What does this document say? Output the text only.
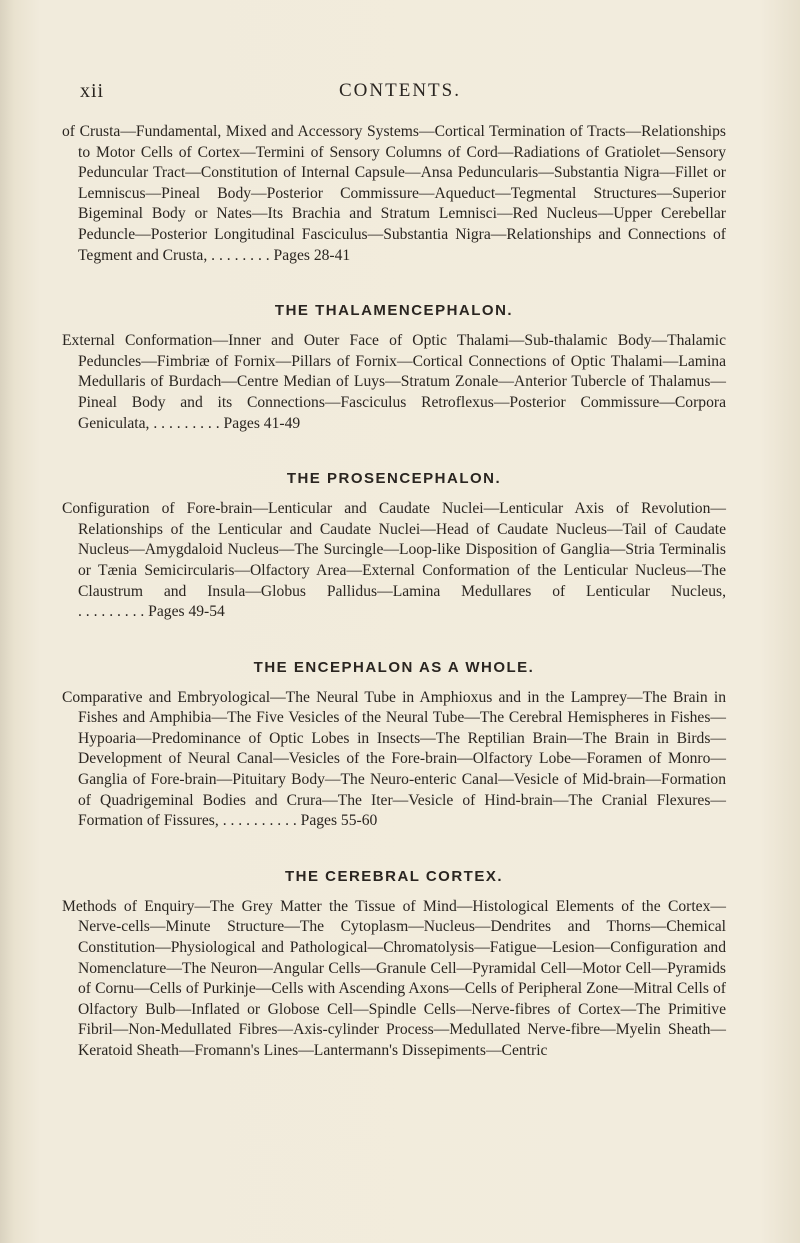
xii	CONTENTS.

of Crusta—Fundamental, Mixed and Accessory Systems—Cortical Termination of Tracts—Relationships to Motor Cells of Cortex—Termini of Sensory Columns of Cord—Radiations of Gratiolet—Sensory Peduncular Tract—Constitution of Internal Capsule—Ansa Peduncularis—Substantia Nigra—Fillet or Lemniscus—Pineal Body—Posterior Commissure—Aqueduct—Tegmental Structures—Superior Bigeminal Body or Nates—Its Brachia and Stratum Lemnisci—Red Nucleus—Upper Cerebellar Peduncle—Posterior Longitudinal Fasciculus—Substantia Nigra—Relationships and Connections of Tegment and Crusta, . . . . . . . . Pages 28-41

THE THALAMENCEPHALON.

External Conformation—Inner and Outer Face of Optic Thalami—Sub-thalamic Body—Thalamic Peduncles—Fimbriæ of Fornix—Pillars of Fornix—Cortical Connections of Optic Thalami—Lamina Medullaris of Burdach—Centre Median of Luys—Stratum Zonale—Anterior Tubercle of Thalamus—Pineal Body and its Connections—Fasciculus Retroflexus—Posterior Commissure—Corpora Geniculata, . . . . . . . . . Pages 41-49

THE PROSENCEPHALON.

Configuration of Fore-brain—Lenticular and Caudate Nuclei—Lenticular Axis of Revolution—Relationships of the Lenticular and Caudate Nuclei—Head of Caudate Nucleus—Tail of Caudate Nucleus—Amygdaloid Nucleus—The Surcingle—Loop-like Disposition of Ganglia—Stria Terminalis or Tænia Semicircularis—Olfactory Area—External Conformation of the Lenticular Nucleus—The Claustrum and Insula—Globus Pallidus—Lamina Medullares of Lenticular Nucleus, . . . . . . . . . Pages 49-54

THE ENCEPHALON AS A WHOLE.

Comparative and Embryological—The Neural Tube in Amphioxus and in the Lamprey—The Brain in Fishes and Amphibia—The Five Vesicles of the Neural Tube—The Cerebral Hemispheres in Fishes—Hypoaria—Predominance of Optic Lobes in Insects—The Reptilian Brain—The Brain in Birds—Development of Neural Canal—Vesicles of the Fore-brain—Olfactory Lobe—Foramen of Monro—Ganglia of Fore-brain—Pituitary Body—The Neuro-enteric Canal—Vesicle of Mid-brain—Formation of Quadrigeminal Bodies and Crura—The Iter—Vesicle of Hind-brain—The Cranial Flexures—Formation of Fissures, . . . . . . . . . . Pages 55-60

THE CEREBRAL CORTEX.

Methods of Enquiry—The Grey Matter the Tissue of Mind—Histological Elements of the Cortex—Nerve-cells—Minute Structure—The Cytoplasm—Nucleus—Dendrites and Thorns—Chemical Constitution—Physiological and Pathological—Chromatolysis—Fatigue—Lesion—Configuration and Nomenclature—The Neuron—Angular Cells—Granule Cell—Pyramidal Cell—Motor Cell—Pyramids of Cornu—Cells of Purkinje—Cells with Ascending Axons—Cells of Peripheral Zone—Mitral Cells of Olfactory Bulb—Inflated or Globose Cell—Spindle Cells—Nerve-fibres of Cortex—The Primitive Fibril—Non-Medullated Fibres—Axis-cylinder Process—Medullated Nerve-fibre—Myelin Sheath—Keratoid Sheath—Fromann's Lines—Lantermann's Dissepiments—Centric
